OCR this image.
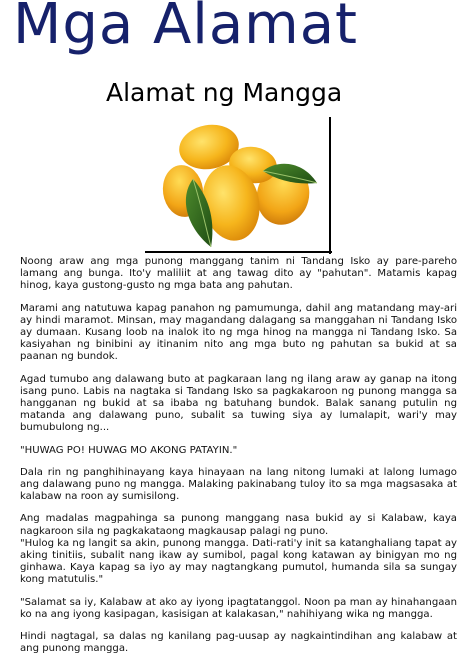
Mga Alamat
Alamat ng Mangga

Noong araw ang mga punong manggang tanim ni Tandang Isko ay pare-pareho lamang ang bunga. Ito'y maliliit at ang tawag dito ay "pahutan". Matamis kapag hinog, kaya gustong-gusto ng mga bata ang pahutan.

Marami ang natutuwa kapag panahon ng pamumunga, dahil ang matandang may-ari ay hindi maramot. Minsan, may magandang dalagang sa manggahan ni Tandang Isko ay dumaan. Kusang loob na inalok ito ng mga hinog na mangga ni Tandang Isko. Sa kasiyahan ng binibini ay itinanim nito ang mga buto ng pahutan sa bukid at sa paanan ng bundok.

Agad tumubo ang dalawang buto at pagkaraan lang ng ilang araw ay ganap na itong isang puno. Labis na nagtaka si Tandang Isko sa pagkakaroon ng punong mangga sa hangganan ng bukid at sa ibaba ng batuhang bundok. Balak sanang putulin ng matanda ang dalawang puno, subalit sa tuwing siya ay lumalapit, wari'y may bumubulong ng...

"HUWAG PO! HUWAG MO AKONG PATAYIN."

Dala rin ng panghihinayang kaya hinayaan na lang nitong lumaki at lalong lumago ang dalawang puno ng mangga. Malaking pakinabang tuloy ito sa mga magsasaka at kalabaw na roon ay sumisilong.

Ang madalas magpahinga sa punong manggang nasa bukid ay si Kalabaw, kaya nagkaroon sila ng pagkakataong magkausap palagi ng puno.

"Hulog ka ng langit sa akin, punong mangga. Dati-rati'y init sa katanghaliang tapat ay aking tinitiis, subalit nang ikaw ay sumibol, pagal kong katawan ay binigyan mo ng ginhawa. Kaya kapag sa iyo ay may nagtangkang pumutol, humanda sila sa sungay kong matutulis."

"Salamat sa iy, Kalabaw at ako ay iyong ipagtatanggol. Noon pa man ay hinahangaan ko na ang iyong kasipagan, kasisigan at kalakasan," nahihiyang wika ng mangga.

Hindi nagtagal, sa dalas ng kanilang pag-uusap ay nagkaintindihan ang kalabaw at ang punong mangga.
